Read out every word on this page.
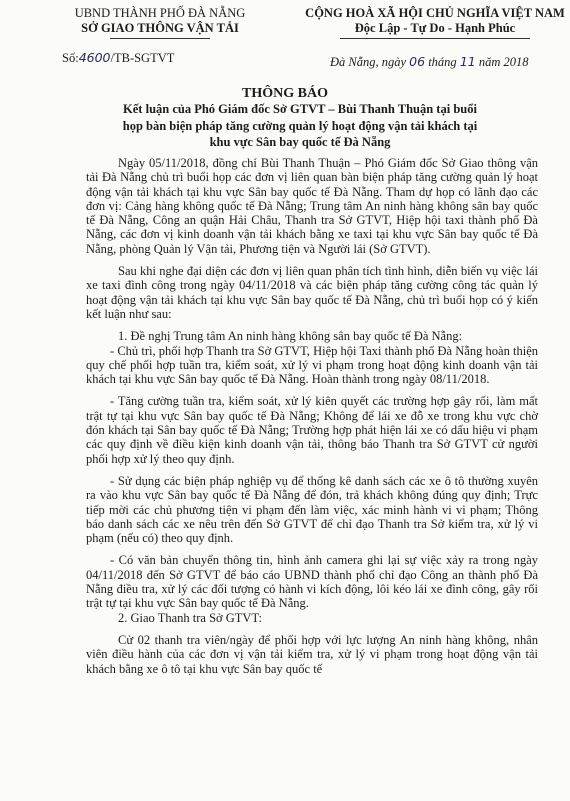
UBND THÀNH PHỐ ĐÀ NẴNG
SỞ GIAO THÔNG VẬN TẢI
CỘNG HOÀ XÃ HỘI CHỦ NGHĨA VIỆT NAM
Độc Lập - Tự Do - Hạnh Phúc
Số:4600/TB-SGTVT	Đà Nẵng, ngày 06 tháng 11 năm 2018
THÔNG BÁO
Kết luận của Phó Giám đốc Sở GTVT – Bùi Thanh Thuận tại buổi họp bàn biện pháp tăng cường quản lý hoạt động vận tải khách tại khu vực Sân bay quốc tế Đà Nẵng

Ngày 05/11/2018, đồng chí Bùi Thanh Thuận – Phó Giám đốc Sở Giao thông vận tải Đà Nẵng chủ trì buổi họp các đơn vị liên quan bàn biện pháp tăng cường quản lý hoạt động vận tải khách tại khu vực Sân bay quốc tế Đà Nẵng. Tham dự họp có lãnh đạo các đơn vị: Cảng hàng không quốc tế Đà Nẵng; Trung tâm An ninh hàng không sân bay quốc tế Đà Nẵng, Công an quận Hải Châu, Thanh tra Sở GTVT, Hiệp hội taxi thành phố Đà Nẵng, các đơn vị kinh doanh vận tải khách bằng xe taxi tại khu vực Sân bay quốc tế Đà Nẵng, phòng Quản lý Vận tải, Phương tiện và Người lái (Sở GTVT).

Sau khi nghe đại diện các đơn vị liên quan phân tích tình hình, diễn biến vụ việc lái xe taxi đình công trong ngày 04/11/2018 và các biện pháp tăng cường công tác quản lý hoạt động vận tải khách tại khu vực Sân bay quốc tế Đà Nẵng, chủ trì buổi họp có ý kiến kết luận như sau:

1. Đề nghị Trung tâm An ninh hàng không sân bay quốc tế Đà Nẵng:

- Chủ trì, phối hợp Thanh tra Sở GTVT, Hiệp hội Taxi thành phố Đà Nẵng hoàn thiện quy chế phối hợp tuần tra, kiểm soát, xử lý vi phạm trong hoạt động kinh doanh vận tải khách tại khu vực Sân bay quốc tế Đà Nẵng. Hoàn thành trong ngày 08/11/2018.

- Tăng cường tuần tra, kiểm soát, xử lý kiên quyết các trường hợp gây rối, làm mất trật tự tại khu vực Sân bay quốc tế Đà Nẵng; Không để lái xe đỗ xe trong khu vực chờ đón khách tại Sân bay quốc tế Đà Nẵng; Trường hợp phát hiện lái xe có dấu hiệu vi phạm các quy định về điều kiện kinh doanh vận tải, thông báo Thanh tra Sở GTVT cử người phối hợp xử lý theo quy định.

- Sử dụng các biện pháp nghiệp vụ để thống kê danh sách các xe ô tô thường xuyên ra vào khu vực Sân bay quốc tế Đà Nẵng để đón, trả khách không đúng quy định; Trực tiếp mời các chủ phương tiện vi phạm đến làm việc, xác minh hành vi vi phạm; Thông báo danh sách các xe nêu trên đến Sở GTVT để chỉ đạo Thanh tra Sở kiểm tra, xử lý vi phạm (nếu có) theo quy định.

- Có văn bản chuyển thông tin, hình ảnh camera ghi lại sự việc xảy ra trong ngày 04/11/2018 đến Sở GTVT để báo cáo UBND thành phố chỉ đạo Công an thành phố Đà Nẵng điều tra, xử lý các đối tượng có hành vi kích động, lôi kéo lái xe đình công, gây rối trật tự tại khu vực Sân bay quốc tế Đà Nẵng.

2. Giao Thanh tra Sở GTVT:

Cử 02 thanh tra viên/ngày để phối hợp với lực lượng An ninh hàng không, nhân viên điều hành của các đơn vị vận tải kiểm tra, xử lý vi phạm trong hoạt động vận tải khách bằng xe ô tô tại khu vực Sân bay quốc tế
